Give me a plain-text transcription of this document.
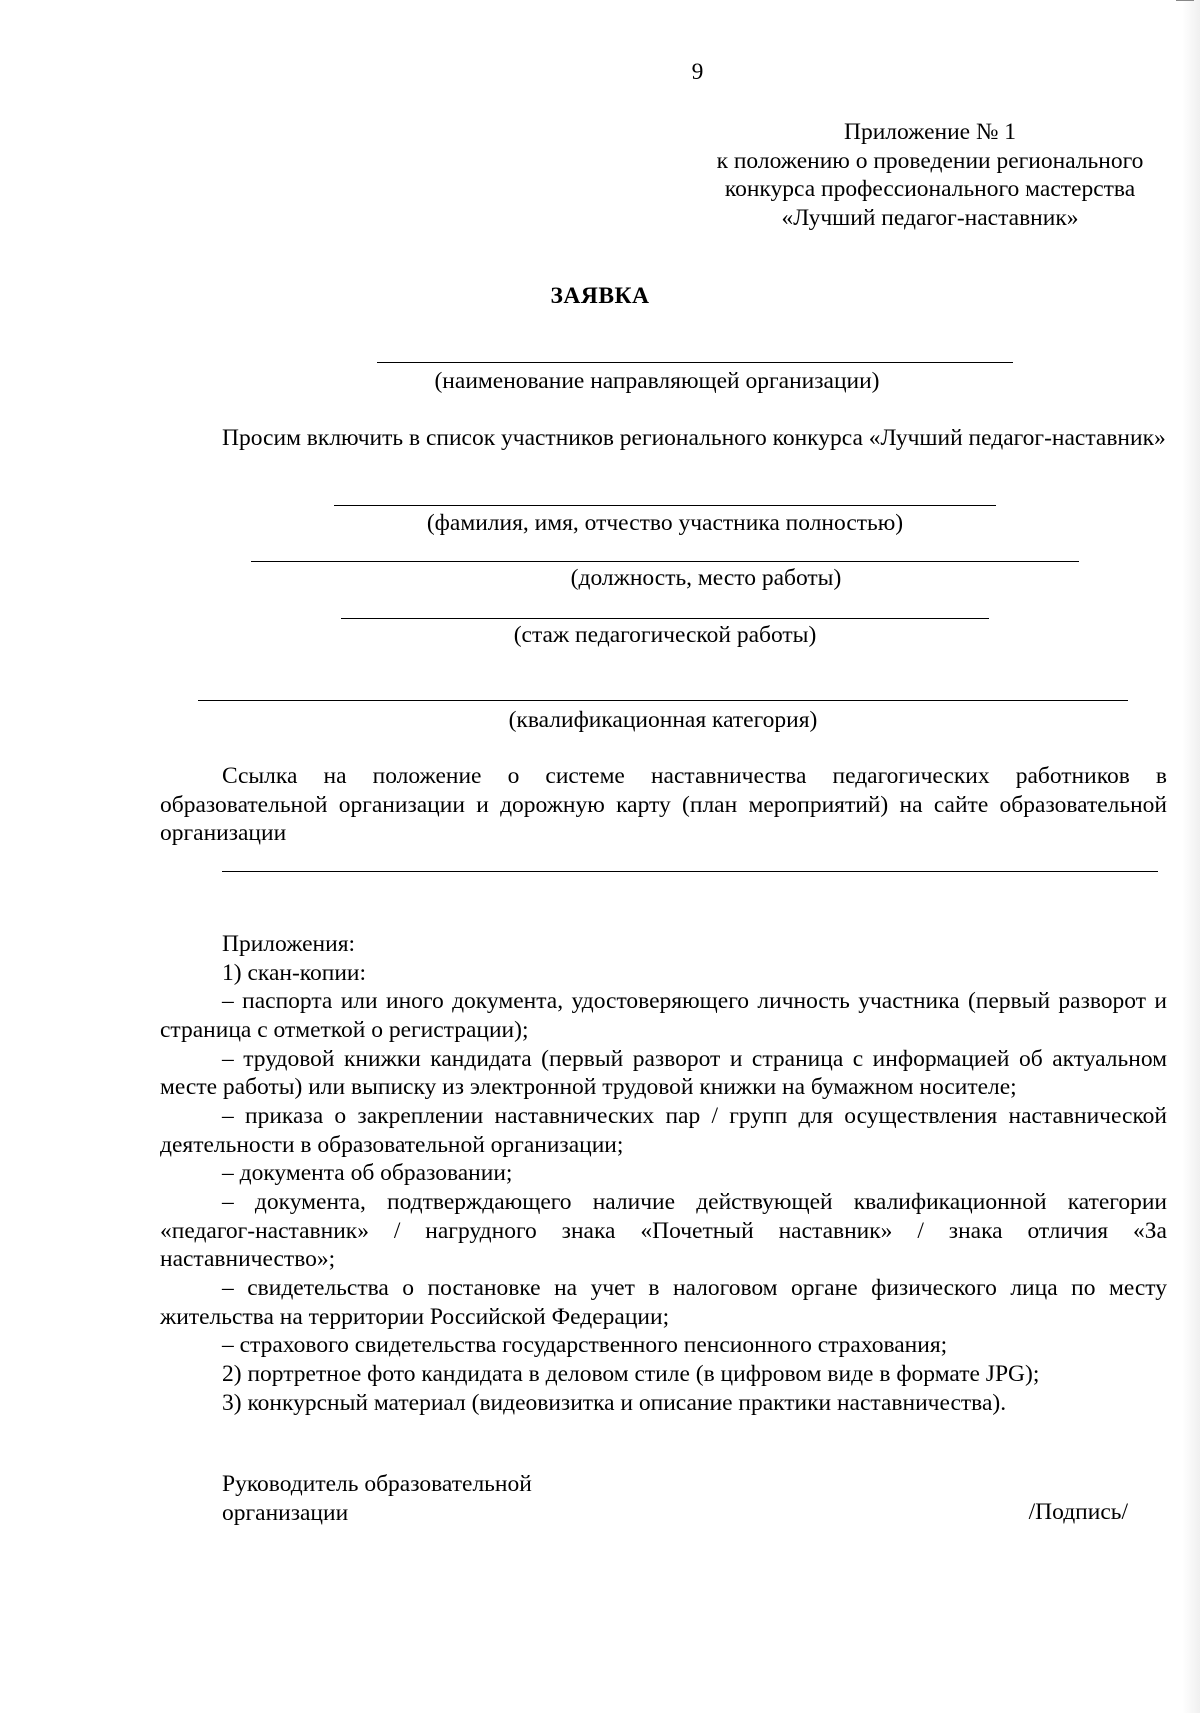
9
Приложение № 1
к положению о проведении регионального
конкурса профессионального мастерства
«Лучший педагог-наставник»
ЗАЯВКА
(наименование направляющей организации)
Просим включить в список участников регионального конкурса «Лучший педагог-наставник»
(фамилия, имя, отчество участника полностью)
(должность, место работы)
(стаж педагогической работы)
(квалификационная категория)
Ссылка на положение о системе наставничества педагогических работников в образовательной организации и дорожную карту (план мероприятий) на сайте образовательной организации

Приложения:

1) скан-копии:

– паспорта или иного документа, удостоверяющего личность участника (первый разворот и страница с отметкой о регистрации);

– трудовой книжки кандидата (первый разворот и страница с информацией об актуальном месте работы) или выписку из электронной трудовой книжки на бумажном носителе;

– приказа о закреплении наставнических пар / групп для осуществления наставнической деятельности в образовательной организации;

– документа об образовании;

– документа, подтверждающего наличие действующей квалификационной категории «педагог-наставник» / нагрудного знака «Почетный наставник» / знака отличия «За наставничество»;

– свидетельства о постановке на учет в налоговом органе физического лица по месту жительства на территории Российской Федерации;

– страхового свидетельства государственного пенсионного страхования;

2) портретное фото кандидата в деловом стиле (в цифровом виде в формате JPG);

3) конкурсный материал (видеовизитка и описание практики наставничества).

Руководитель образовательной
организации	/Подпись/
